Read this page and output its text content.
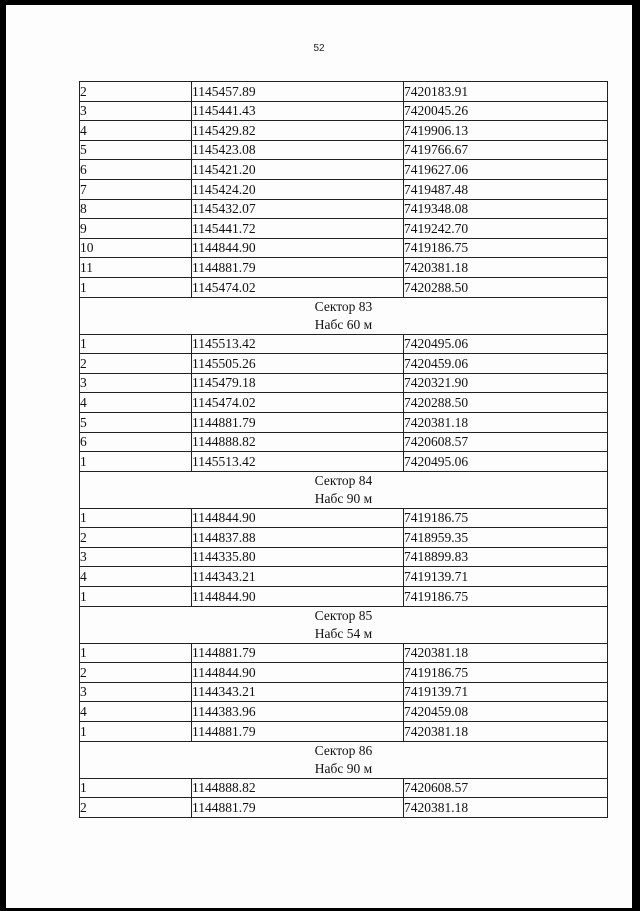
52
2	1145457.89	7420183.91
3	1145441.43	7420045.26
4	1145429.82	7419906.13
5	1145423.08	7419766.67
6	1145421.20	7419627.06
7	1145424.20	7419487.48
8	1145432.07	7419348.08
9	1145441.72	7419242.70
10	1144844.90	7419186.75
11	1144881.79	7420381.18
1	1145474.02	7420288.50

Сектор 83
Набс 60 м		

1	1145513.42	7420495.06
2	1145505.26	7420459.06
3	1145479.18	7420321.90
4	1145474.02	7420288.50
5	1144881.79	7420381.18
6	1144888.82	7420608.57
1	1145513.42	7420495.06

Сектор 84
Набс 90 м		

1	1144844.90	7419186.75
2	1144837.88	7418959.35
3	1144335.80	7418899.83
4	1144343.21	7419139.71
1	1144844.90	7419186.75

Сектор 85
Набс 54 м		

1	1144881.79	7420381.18
2	1144844.90	7419186.75
3	1144343.21	7419139.71
4	1144383.96	7420459.08
1	1144881.79	7420381.18

Сектор 86
Набс 90 м		

1	1144888.82	7420608.57
2	1144881.79	7420381.18
